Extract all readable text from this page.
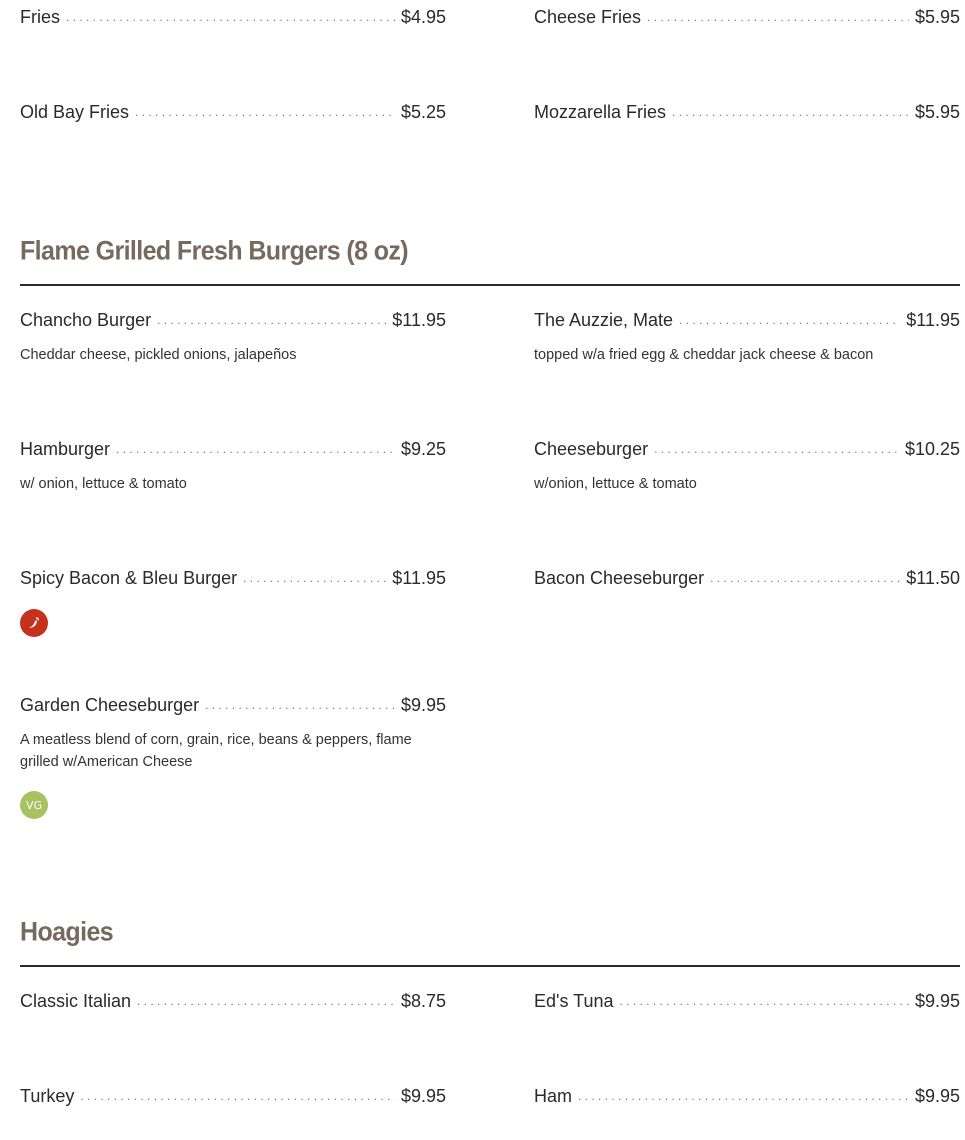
Fries . . .	$4.95	Cheese Fries . . .	$5.95
Old Bay Fries . . .	$5.25	Mozzarella Fries . . .	$5.95
Flame Grilled Fresh Burgers (8 oz)
Chancho Burger . . .	$11.95
Cheddar cheese, pickled onions, jalapeños
The Auzzie, Mate . . .	$11.95
topped w/a fried egg & cheddar jack cheese & bacon
Hamburger . . .	$9.25
w/ onion, lettuce & tomato
Cheeseburger . . .	$10.25
w/onion, lettuce & tomato
Spicy Bacon & Bleu Burger . . .	$11.95	Bacon Cheeseburger . . .	$11.50
Garden Cheeseburger . . .	$9.95
A meatless blend of corn, grain, rice, beans & peppers, flame grilled w/American Cheese
VG
Hoagies
Classic Italian . . .	$8.75	Ed's Tuna . . .	$9.95
Turkey . . .	$9.95	Ham . . .	$9.95
